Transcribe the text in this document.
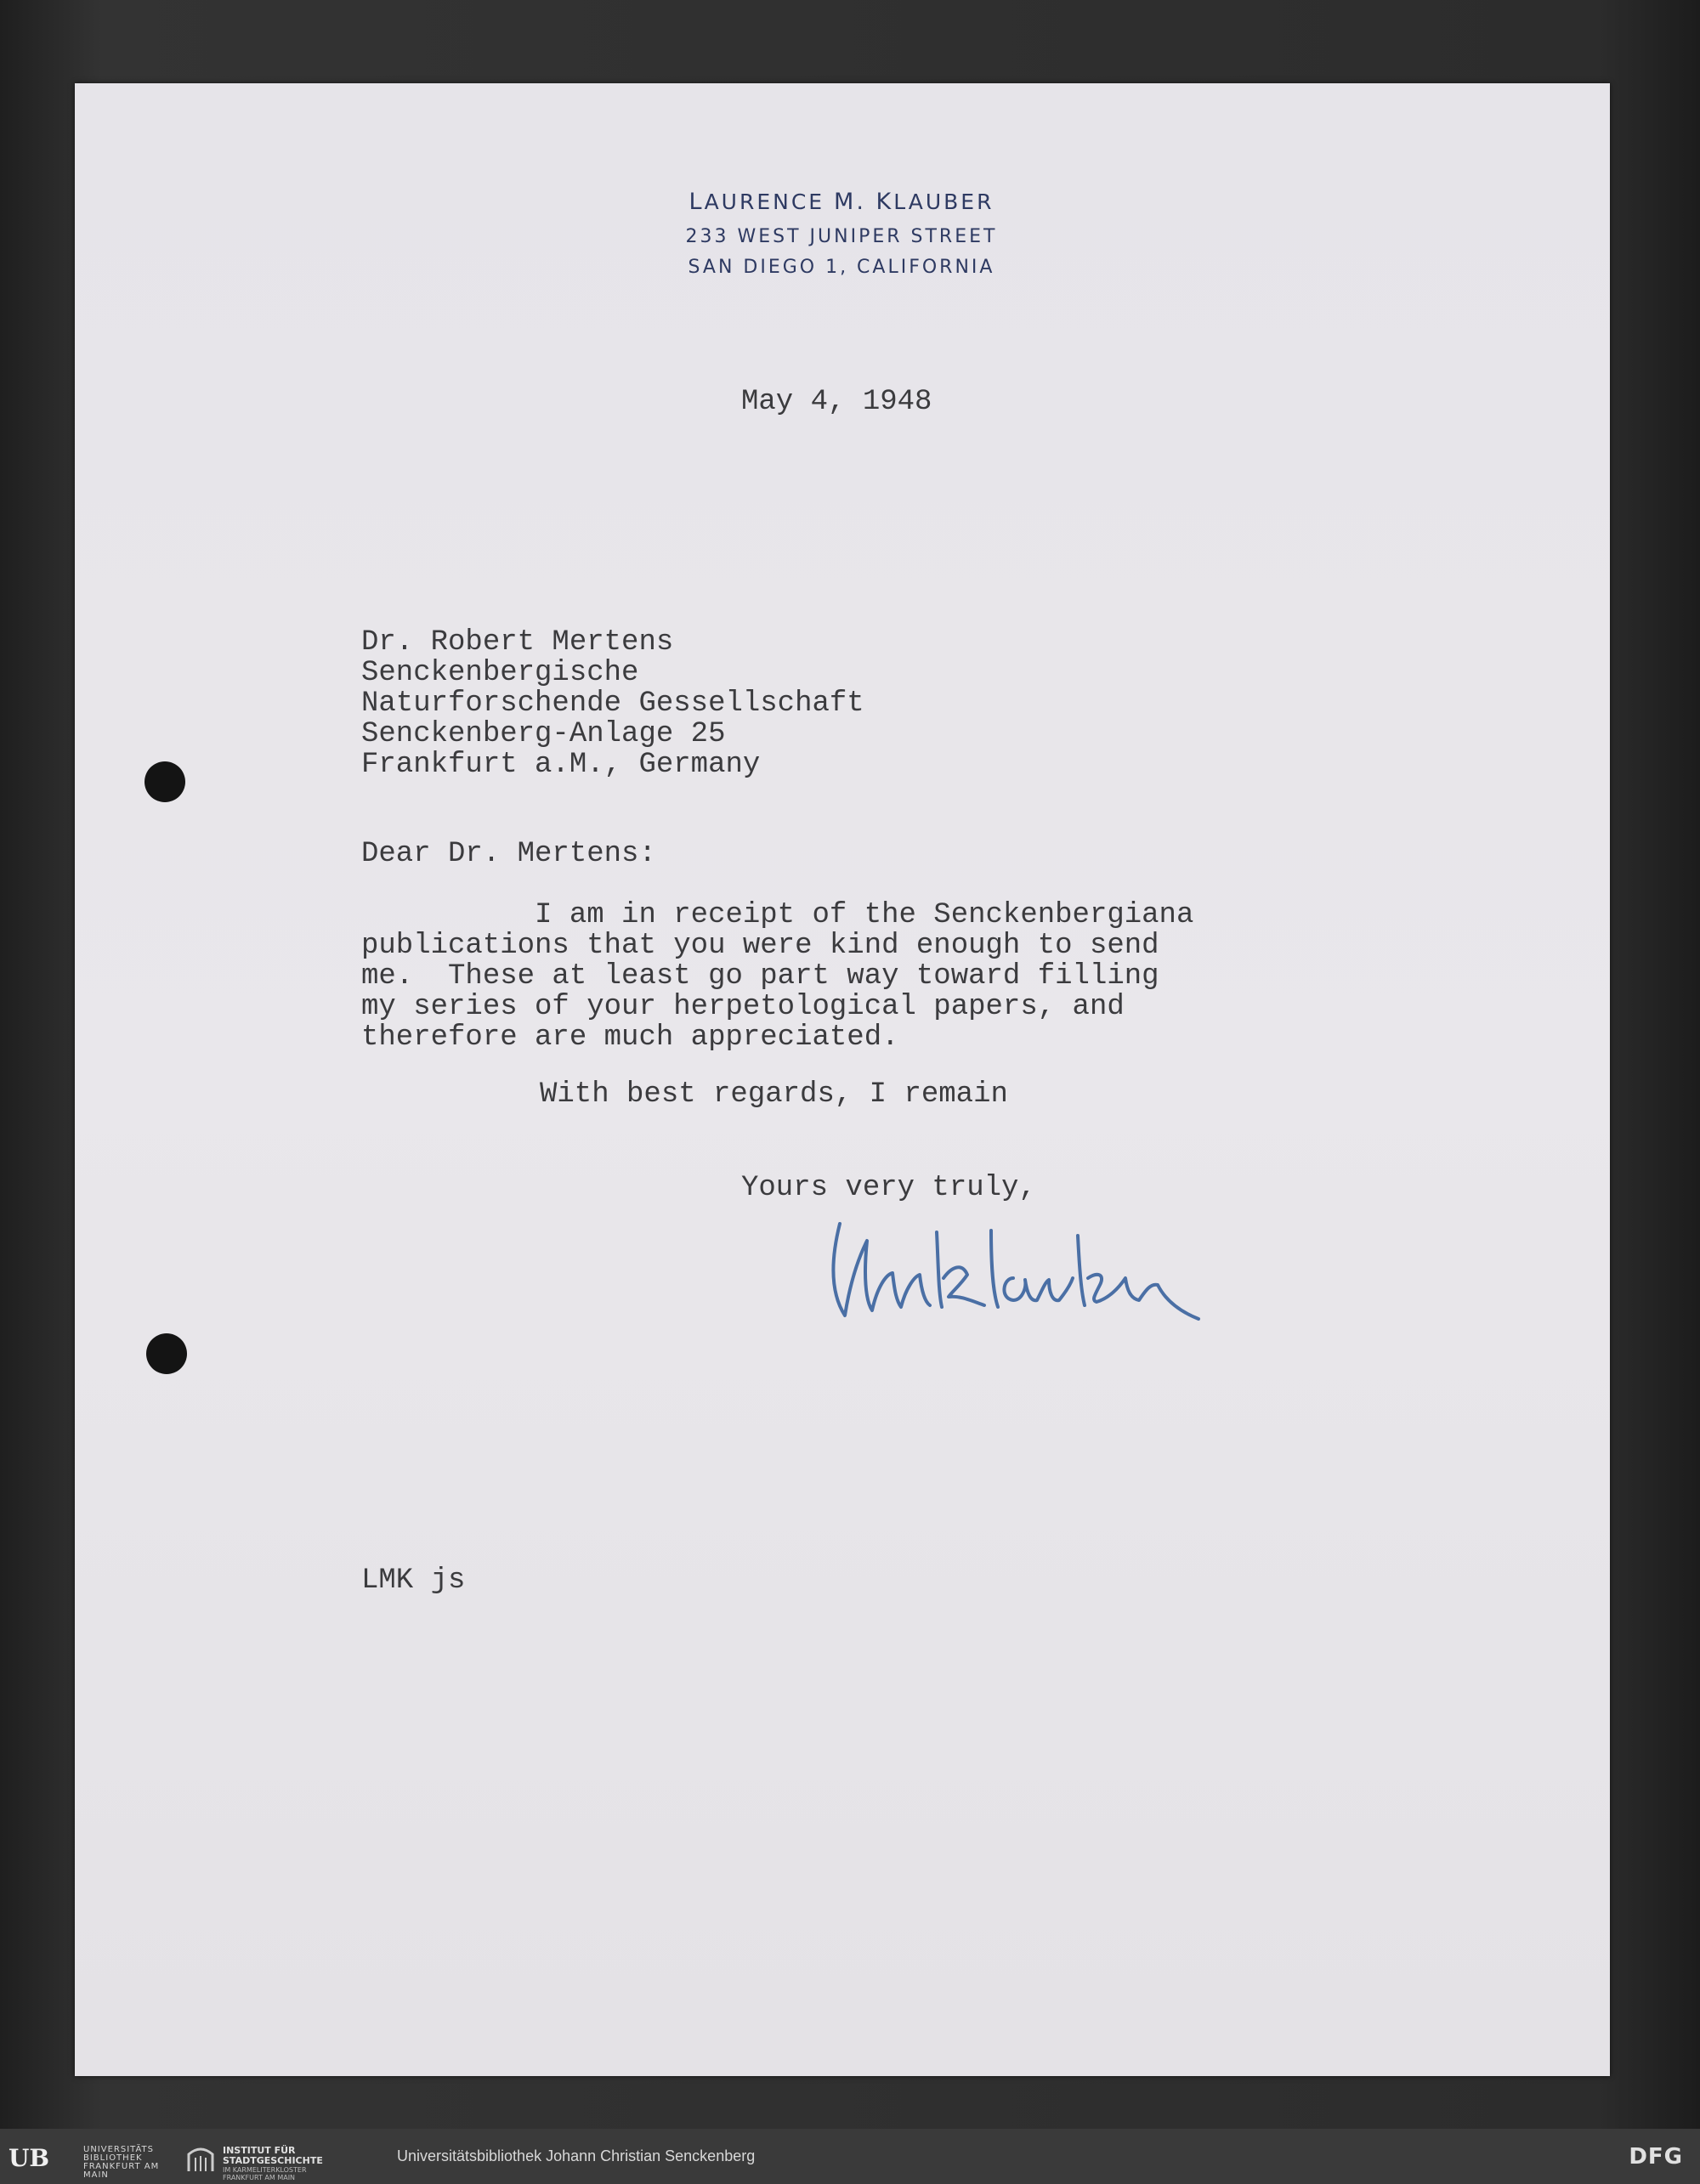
LAURENCE M. KLAUBER
233 WEST JUNIPER STREET
SAN DIEGO 1, CALIFORNIA
May 4, 1948
Dr. Robert Mertens
Senckenbergische
Naturforschende Gessellschaft
Senckenberg-Anlage 25
Frankfurt a.M., Germany
Dear Dr. Mertens:
I am in receipt of the Senckenbergiana
publications that you were kind enough to send
me.  These at least go part way toward filling
my series of your herpetological papers, and
therefore are much appreciated.
With best regards, I remain
Yours very truly,
LMK js
UB	UNIVERSITÄTS
BIBLIOTHEK
FRANKFURT AM MAIN
INSTITUT FÜR
STADTGESCHICHTE
IM KARMELITERKLOSTER
FRANKFURT AM MAIN
Universitätsbibliothek Johann Christian Senckenberg	DFG
